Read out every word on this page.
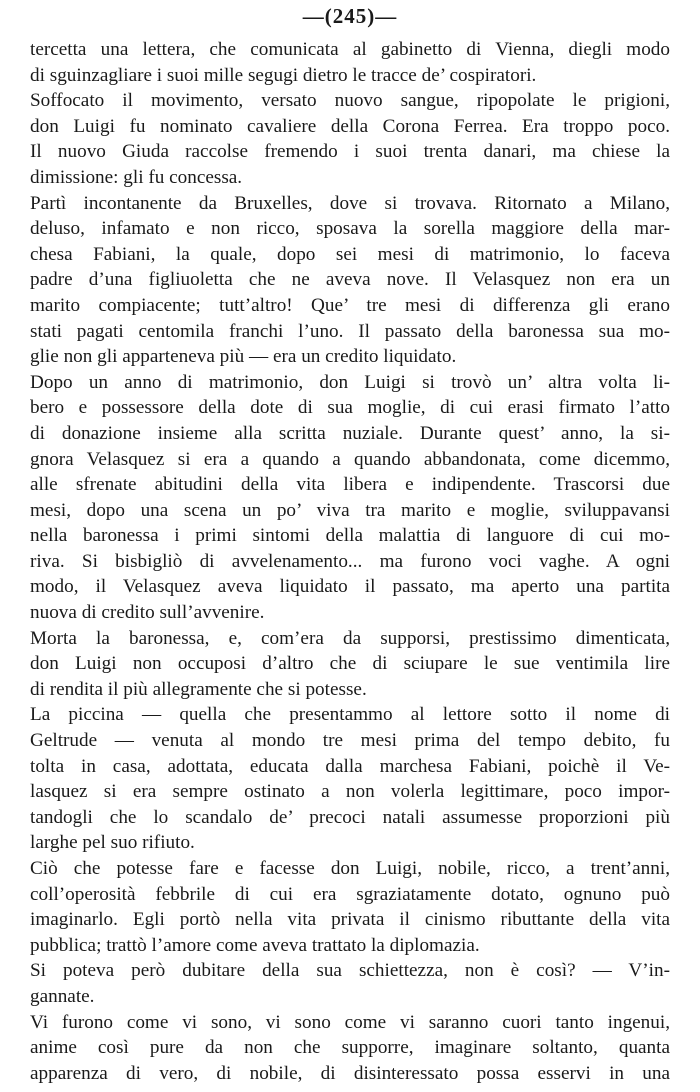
—(245)—
tercetta una lettera, che comunicata al gabinetto di Vienna, diegli modo
di sguinzagliare i suoi mille segugi dietro le tracce de’ cospiratori.
Soffocato il movimento, versato nuovo sangue, ripopolate le prigioni,
don Luigi fu nominato cavaliere della Corona Ferrea. Era troppo poco.
Il nuovo Giuda raccolse fremendo i suoi trenta danari, ma chiese la
dimissione: gli fu concessa.
Partì incontanente da Bruxelles, dove si trovava. Ritornato a Milano,
deluso, infamato e non ricco, sposava la sorella maggiore della mar-
chesa Fabiani, la quale, dopo sei mesi di matrimonio, lo faceva
padre d’una figliuoletta che ne aveva nove. Il Velasquez non era un
marito compiacente; tutt’altro! Que’ tre mesi di differenza gli erano
stati pagati centomila franchi l’uno. Il passato della baronessa sua mo-
glie non gli apparteneva più — era un credito liquidato.
Dopo un anno di matrimonio, don Luigi si trovò un’ altra volta li-
bero e possessore della dote di sua moglie, di cui erasi firmato l’atto
di donazione insieme alla scritta nuziale. Durante quest’ anno, la si-
gnora Velasquez si era a quando a quando abbandonata, come dicemmo,
alle sfrenate abitudini della vita libera e indipendente. Trascorsi due
mesi, dopo una scena un po’ viva tra marito e moglie, sviluppavansi
nella baronessa i primi sintomi della malattia di languore di cui mo-
riva. Si bisbigliò di avvelenamento... ma furono voci vaghe. A ogni
modo, il Velasquez aveva liquidato il passato, ma aperto una partita
nuova di credito sull’avvenire.
Morta la baronessa, e, com’era da supporsi, prestissimo dimenticata,
don Luigi non occuposi d’altro che di sciupare le sue ventimila lire
di rendita il più allegramente che si potesse.
La piccina — quella che presentammo al lettore sotto il nome di
Geltrude — venuta al mondo tre mesi prima del tempo debito, fu
tolta in casa, adottata, educata dalla marchesa Fabiani, poichè il Ve-
lasquez si era sempre ostinato a non volerla legittimare, poco impor-
tandogli che lo scandalo de’ precoci natali assumesse proporzioni più
larghe pel suo rifiuto.
Ciò che potesse fare e facesse don Luigi, nobile, ricco, a trent’anni,
coll’operosità febbrile di cui era sgraziatamente dotato, ognuno può
imaginarlo. Egli portò nella vita privata il cinismo ributtante della vita
pubblica; trattò l’amore come aveva trattato la diplomazia.
Si poteva però dubitare della sua schiettezza, non è così? — V’in-
gannate.
Vi furono come vi sono, vi sono come vi saranno cuori tanto ingenui,
anime così pure da non che supporre, imaginare soltanto, quanta
apparenza di vero, di nobile, di disinteressato possa esservi in una
